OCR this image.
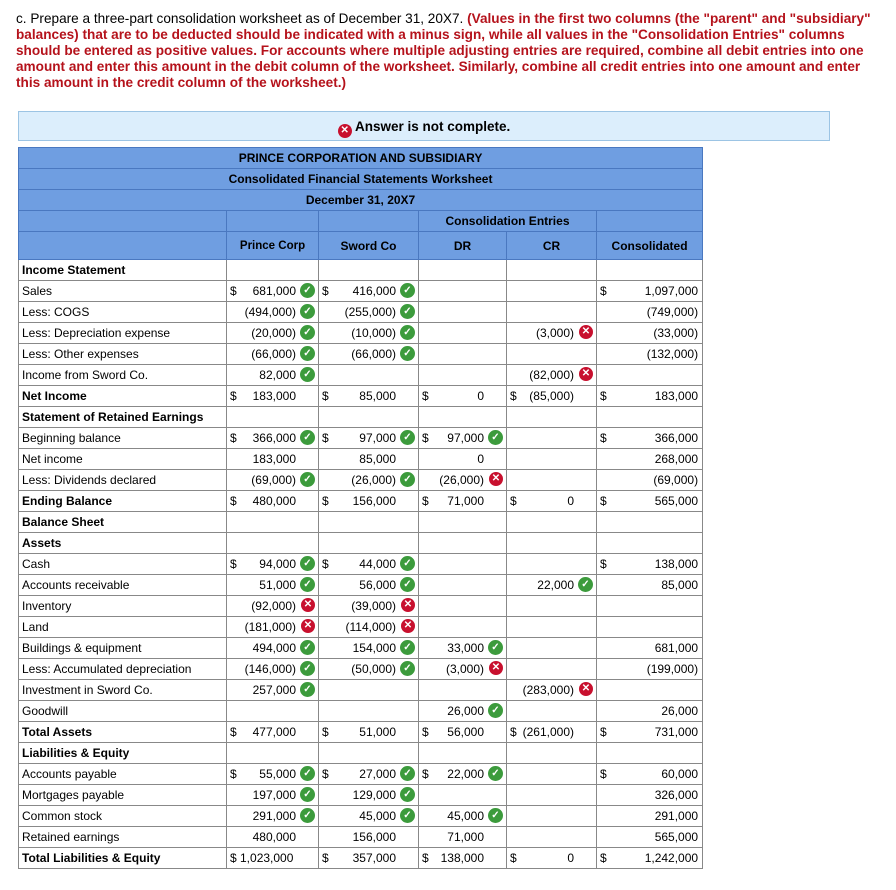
c. Prepare a three-part consolidation worksheet as of December 31, 20X7. (Values in the first two columns (the "parent" and "subsidiary" balances) that are to be deducted should be indicated with a minus sign, while all values in the "Consolidation Entries" columns should be entered as positive values. For accounts where multiple adjusting entries are required, combine all debit entries into one amount and enter this amount in the debit column of the worksheet. Similarly, combine all credit entries into one amount and enter this amount in the credit column of the worksheet.)
✕ Answer is not complete.
PRINCE CORPORATION AND SUBSIDIARY					
Consolidated Financial Statements Worksheet					
December 31, 20X7					
			Consolidation Entries		
	Prince Corp	Sword Co	DR	CR	Consolidated
Income Statement					
Sales	$ 681,000 ✓	$ 416,000 ✓			$ 1,097,000

Less: COGS	(494,000) ✓	(255,000) ✓			(749,000)

Less: Depreciation expense	(20,000) ✓	(10,000) ✓		(3,000) ✕	(33,000)

Less: Other expenses	(66,000) ✓	(66,000) ✓			(132,000)

Income from Sword Co.	82,000 ✓			(82,000) ✕	

Net Income	$ 183,000	$ 85,000	$ 0	$ (85,000)	$ 183,000

Statement of Retained Earnings					
Beginning balance	$ 366,000 ✓	$ 97,000 ✓	$ 97,000 ✓		$ 366,000

Net income	183,000	85,000	0		268,000

Less: Dividends declared	(69,000) ✓	(26,000) ✓	(26,000) ✕		(69,000)

Ending Balance	$ 480,000	$ 156,000	$ 71,000	$ 0	$ 565,000

Balance Sheet					
Assets					
Cash	$ 94,000 ✓	$ 44,000 ✓			$ 138,000

Accounts receivable	51,000 ✓	56,000 ✓		22,000 ✓	85,000

Inventory	(92,000) ✕	(39,000) ✕			

Land	(181,000) ✕	(114,000) ✕			

Buildings & equipment	494,000 ✓	154,000 ✓	33,000 ✓		681,000

Less: Accumulated depreciation	(146,000) ✓	(50,000) ✓	(3,000) ✕		(199,000)

Investment in Sword Co.	257,000 ✓			(283,000) ✕	

Goodwill			26,000 ✓		26,000

Total Assets	$ 477,000	$ 51,000	$ 56,000	$ (261,000)	$ 731,000

Liabilities & Equity					
Accounts payable	$ 55,000 ✓	$ 27,000 ✓	$ 22,000 ✓		$ 60,000

Mortgages payable	197,000 ✓	129,000 ✓			326,000

Common stock	291,000 ✓	45,000 ✓	45,000 ✓		291,000

Retained earnings	480,000	156,000	71,000		565,000

Total Liabilities & Equity	$ 1,023,000	$ 357,000	$ 138,000	$ 0	$ 1,242,000
